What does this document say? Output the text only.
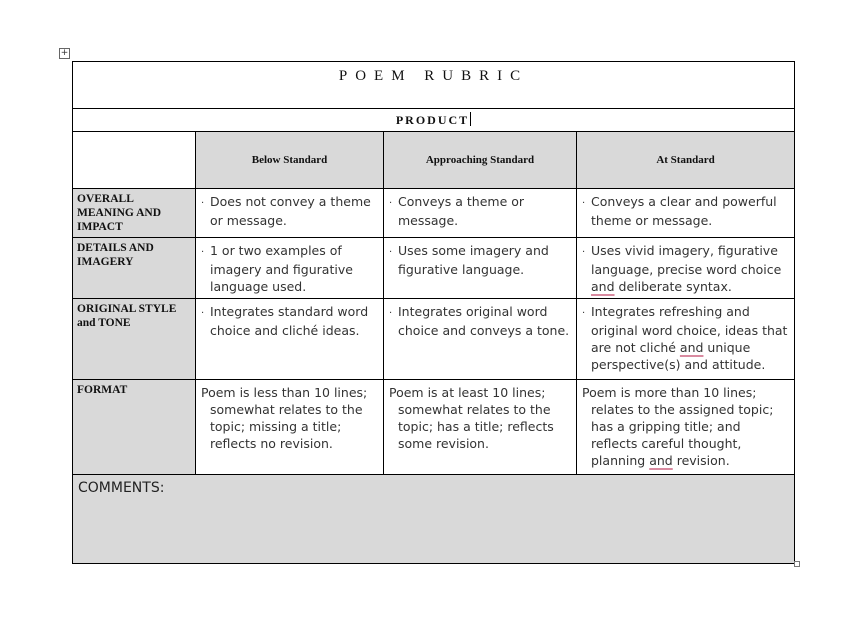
+
POEM RUBRIC			
PRODUCT			
	Below Standard	Approaching Standard	At Standard
OVERALL MEANING AND IMPACT	· Does not convey a theme or message.	· Conveys a theme or message.	· Conveys a clear and powerful theme or message.
DETAILS AND IMAGERY	· 1 or two examples of imagery and figurative language used.	· Uses some imagery and figurative language.	· Uses vivid imagery, figurative language, precise word choice and deliberate syntax.
ORIGINAL STYLE and TONE	· Integrates standard word choice and cliché ideas.	· Integrates original word choice and conveys a tone.	· Integrates refreshing and original word choice, ideas that are not cliché and unique perspective(s) and attitude.
FORMAT	Poem is less than 10 lines; somewhat relates to the topic; missing a title; reflects no revision.	Poem is at least 10 lines; somewhat relates to the topic; has a title; reflects some revision.	Poem is more than 10 lines; relates to the assigned topic; has a gripping title; and reflects careful thought, planning and revision.
COMMENTS:			
